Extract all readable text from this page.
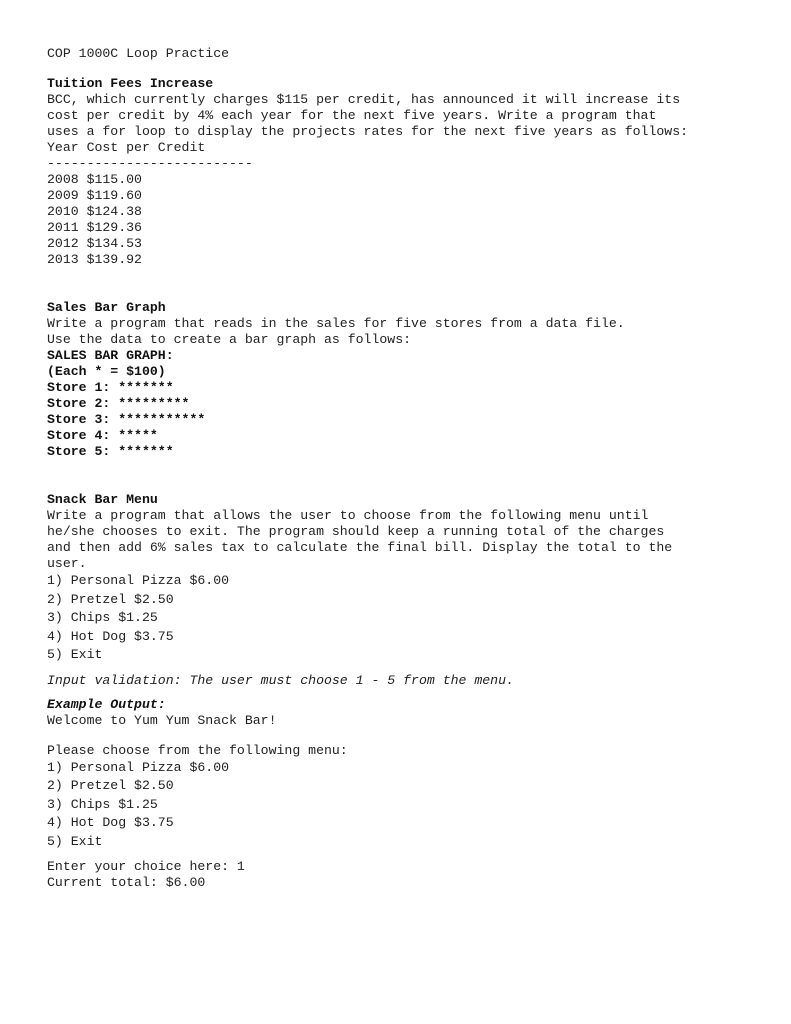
COP 1000C Loop Practice
Tuition Fees Increase
BCC, which currently charges $115 per credit, has announced it will increase its
cost per credit by 4% each year for the next five years. Write a program that
uses a for loop to display the projects rates for the next five years as follows:
Year Cost per Credit
--------------------------
2008 $115.00
2009 $119.60
2010 $124.38
2011 $129.36
2012 $134.53
2013 $139.92
Sales Bar Graph
Write a program that reads in the sales for five stores from a data file.
Use the data to create a bar graph as follows:
SALES BAR GRAPH:
(Each * = $100)
Store 1: *******
Store 2: *********
Store 3: ***********
Store 4: *****
Store 5: *******
Snack Bar Menu
Write a program that allows the user to choose from the following menu until
he/she chooses to exit. The program should keep a running total of the charges
and then add 6% sales tax to calculate the final bill. Display the total to the
user.
1) Personal Pizza $6.00
2) Pretzel $2.50
3) Chips $1.25
4) Hot Dog $3.75
5) Exit
Input validation: The user must choose 1 - 5 from the menu.
Example Output:
Welcome to Yum Yum Snack Bar!
Please choose from the following menu:
1) Personal Pizza $6.00
2) Pretzel $2.50
3) Chips $1.25
4) Hot Dog $3.75
5) Exit
Enter your choice here: 1
Current total: $6.00
